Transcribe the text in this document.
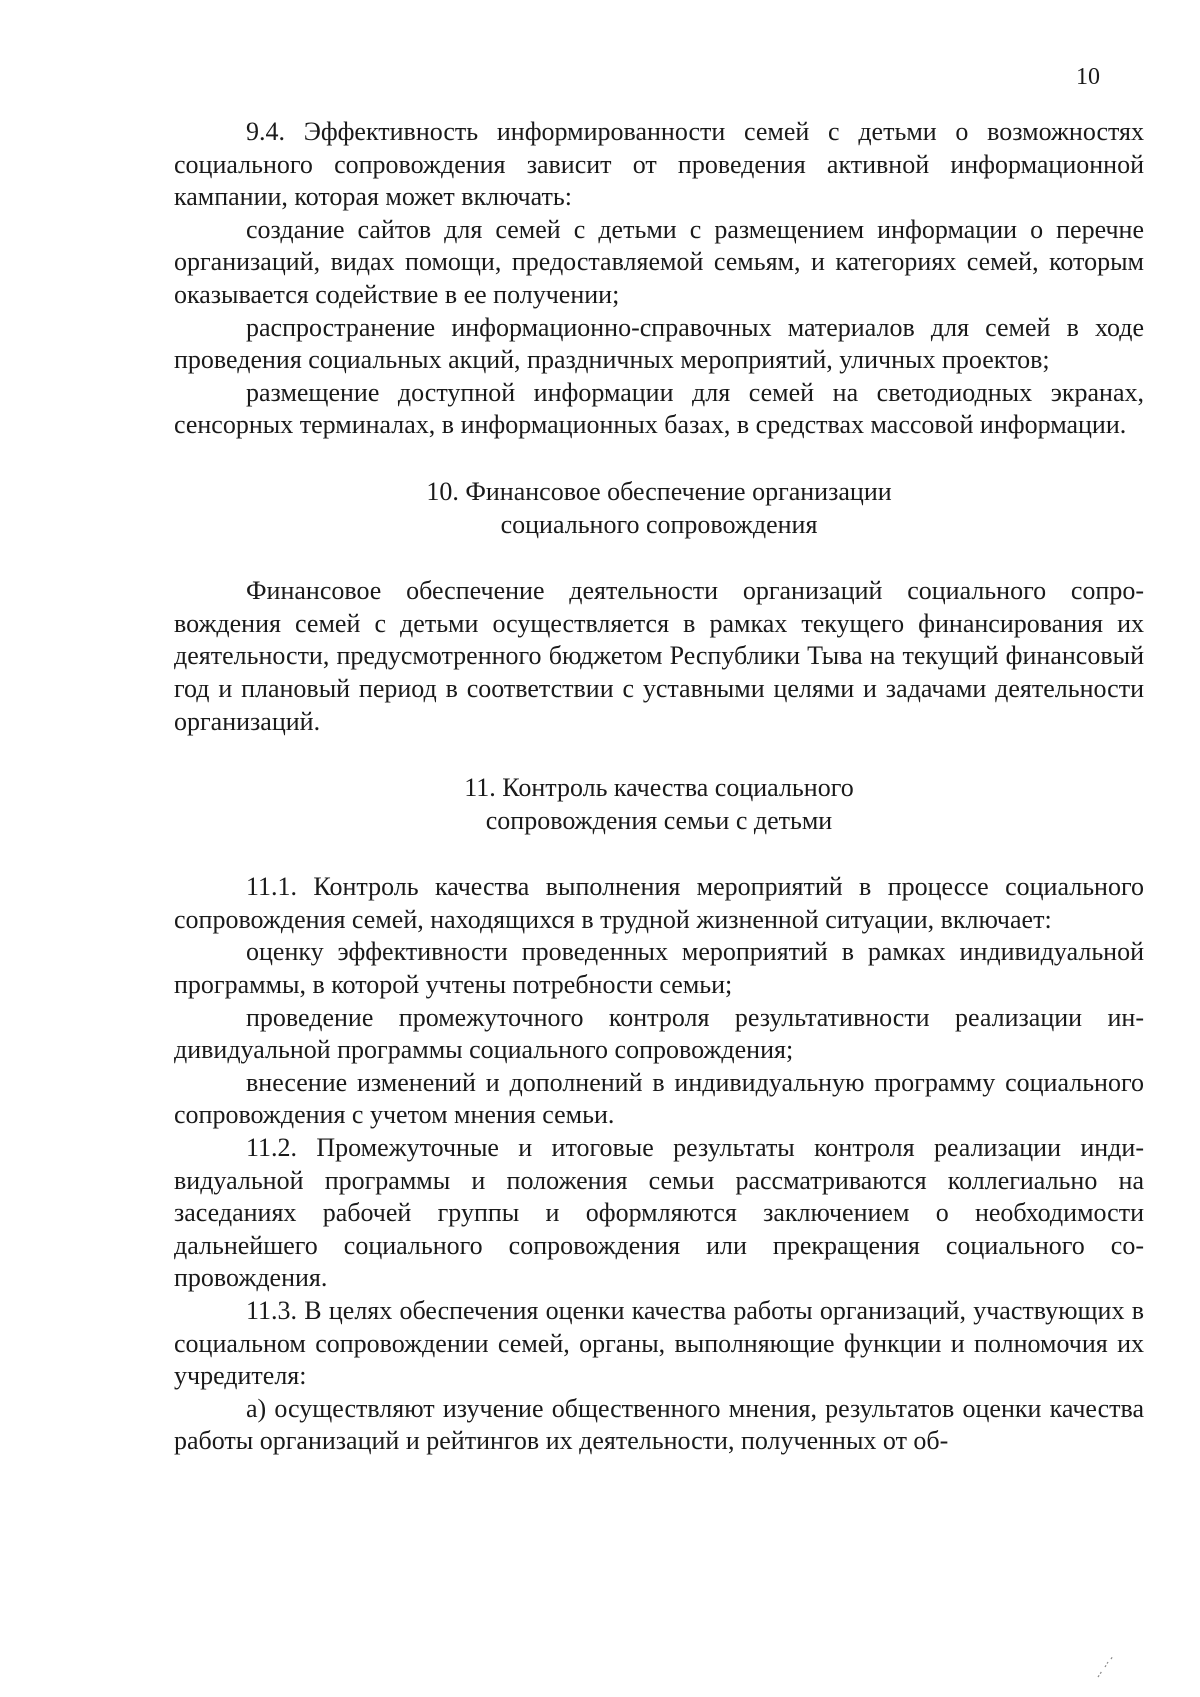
10

9.4. Эффективность информированности семей с детьми о возможностях социального сопровождения зависит от проведения активной информационной кампании, которая может включать:

создание сайтов для семей с детьми с размещением информации о перечне организаций, видах помощи, предоставляемой семьям, и категориях семей, которым оказывается содействие в ее получении;

распространение информационно-справочных материалов для семей в ходе проведения социальных акций, праздничных мероприятий, уличных проектов;

размещение доступной информации для семей на светодиодных экранах, сенсорных терминалах, в информационных базах, в средствах массовой информации.

10. Финансовое обеспечение организации
социального сопровождения

Финансовое обеспечение деятельности организаций социального сопровождения семей с детьми осуществляется в рамках текущего финансирования их деятельности, предусмотренного бюджетом Республики Тыва на текущий финансовый год и плановый период в соответствии с уставными целями и задачами деятельности организаций.

11. Контроль качества социального
сопровождения семьи с детьми

11.1. Контроль качества выполнения мероприятий в процессе социального сопровождения семей, находящихся в трудной жизненной ситуации, включает:

оценку эффективности проведенных мероприятий в рамках индивидуальной программы, в которой учтены потребности семьи;

проведение промежуточного контроля результативности реализации индивидуальной программы социального сопровождения;

внесение изменений и дополнений в индивидуальную программу социального сопровождения с учетом мнения семьи.

11.2. Промежуточные и итоговые результаты контроля реализации индивидуальной программы и положения семьи рассматриваются коллегиально на заседаниях рабочей группы и оформляются заключением о необходимости дальнейшего социального сопровождения или прекращения социального сопровождения.

11.3. В целях обеспечения оценки качества работы организаций, участвующих в социальном сопровождении семей, органы, выполняющие функции и полномочия их учредителя:

а) осуществляют изучение общественного мнения, результатов оценки качества работы организаций и рейтингов их деятельности, полученных от об-
